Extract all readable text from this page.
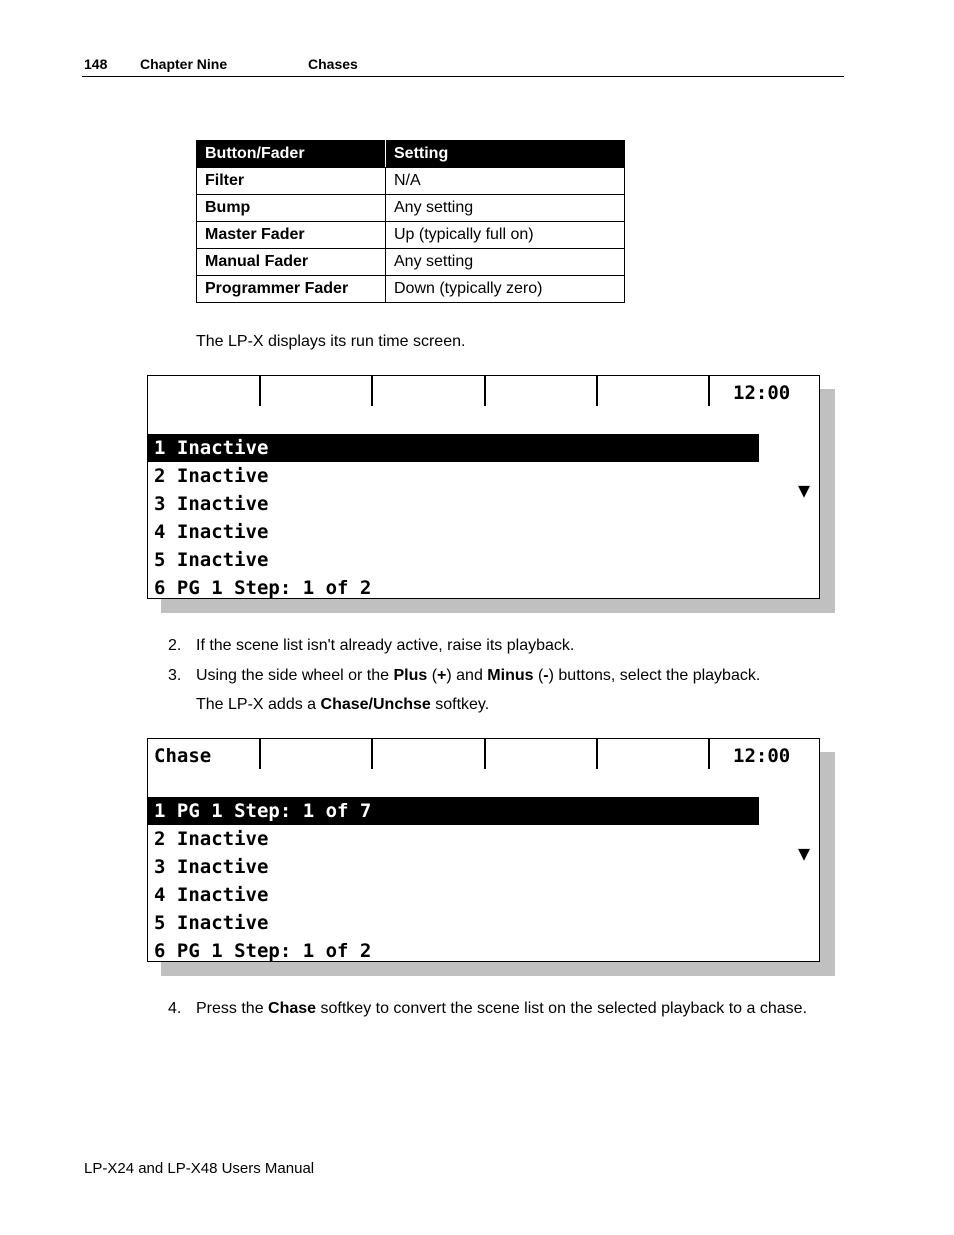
148 Chapter Nine	Chases
Button/Fader	Setting
Filter	N/A
Bump	Any setting
Master Fader	Up (typically full on)
Manual Fader	Any setting
Programmer Fader	Down (typically zero)
The LP-X displays its run time screen.
12:00
1 Inactive
2 Inactive
3 Inactive
4 Inactive
5 Inactive
6 PG 1 Step: 1 of 2
▼
2. If the scene list isn't already active, raise its playback.
3. Using the side wheel or the Plus (+) and Minus (-) buttons, select the playback.
The LP-X adds a Chase/Unchse softkey.
Chase	12:00
1 PG 1 Step: 1 of 7
2 Inactive
3 Inactive
4 Inactive
5 Inactive
6 PG 1 Step: 1 of 2
▼
4. Press the Chase softkey to convert the scene list on the selected playback to a chase.
LP-X24 and LP-X48 Users Manual
